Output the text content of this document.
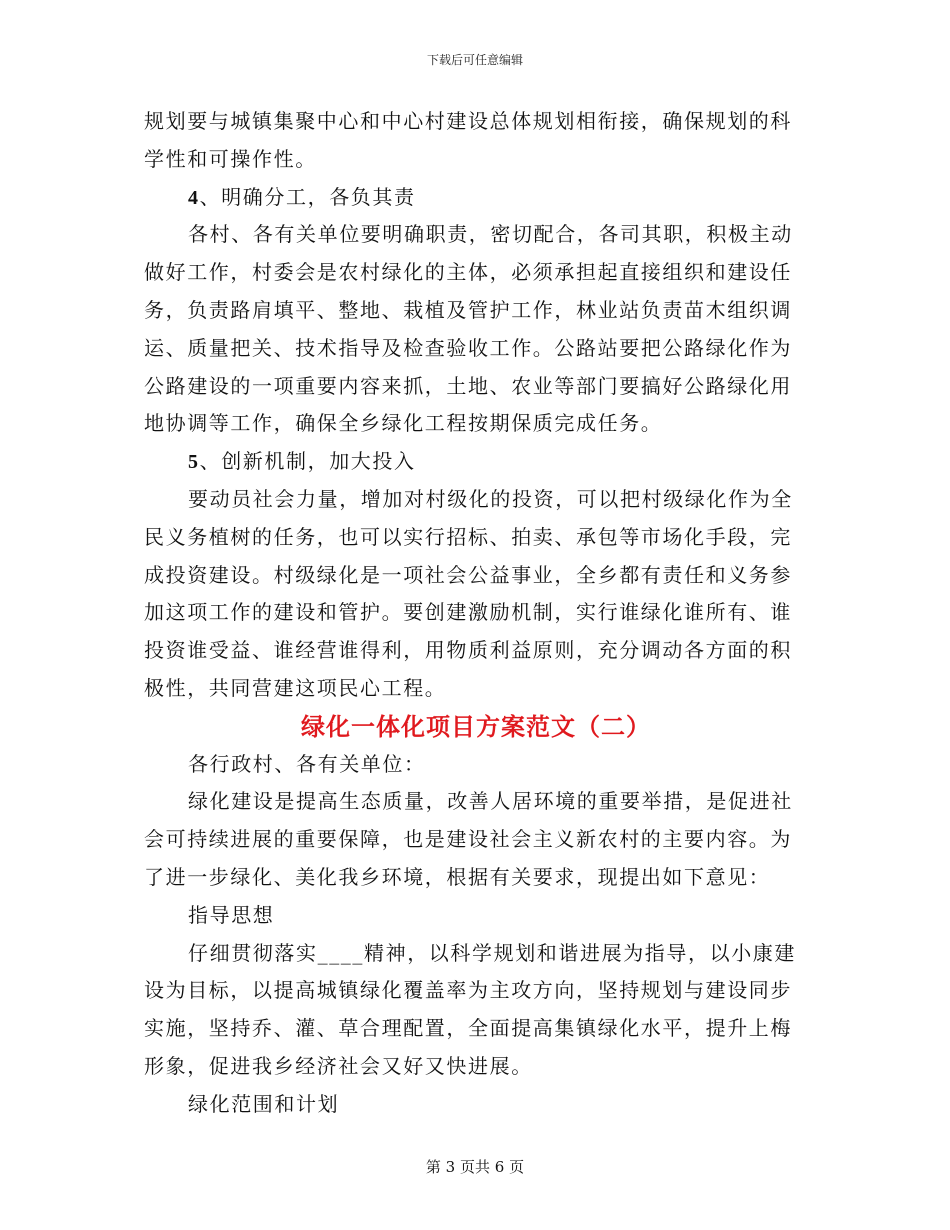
下载后可任意编辑

规划要与城镇集聚中心和中心村建设总体规划相衔接，确保规划的科

学性和可操作性。

4、明确分工，各负其责

各村、各有关单位要明确职责，密切配合，各司其职，积极主动

做好工作，村委会是农村绿化的主体，必须承担起直接组织和建设任

务，负责路肩填平、整地、栽植及管护工作，林业站负责苗木组织调

运、质量把关、技术指导及检查验收工作。公路站要把公路绿化作为

公路建设的一项重要内容来抓，土地、农业等部门要搞好公路绿化用

地协调等工作，确保全乡绿化工程按期保质完成任务。

5、创新机制，加大投入

要动员社会力量，增加对村级化的投资，可以把村级绿化作为全

民义务植树的任务，也可以实行招标、拍卖、承包等市场化手段，完

成投资建设。村级绿化是一项社会公益事业，全乡都有责任和义务参

加这项工作的建设和管护。要创建激励机制，实行谁绿化谁所有、谁

投资谁受益、谁经营谁得利，用物质利益原则，充分调动各方面的积

极性，共同营建这项民心工程。

绿化一体化项目方案范文（二）

各行政村、各有关单位：

绿化建设是提高生态质量，改善人居环境的重要举措，是促进社

会可持续进展的重要保障，也是建设社会主义新农村的主要内容。为

了进一步绿化、美化我乡环境，根据有关要求，现提出如下意见：

指导思想

仔细贯彻落实____精神，以科学规划和谐进展为指导，以小康建

设为目标，以提高城镇绿化覆盖率为主攻方向，坚持规划与建设同步

实施，坚持乔、灌、草合理配置，全面提高集镇绿化水平，提升上梅

形象，促进我乡经济社会又好又快进展。

绿化范围和计划

第 3 页共 6 页
